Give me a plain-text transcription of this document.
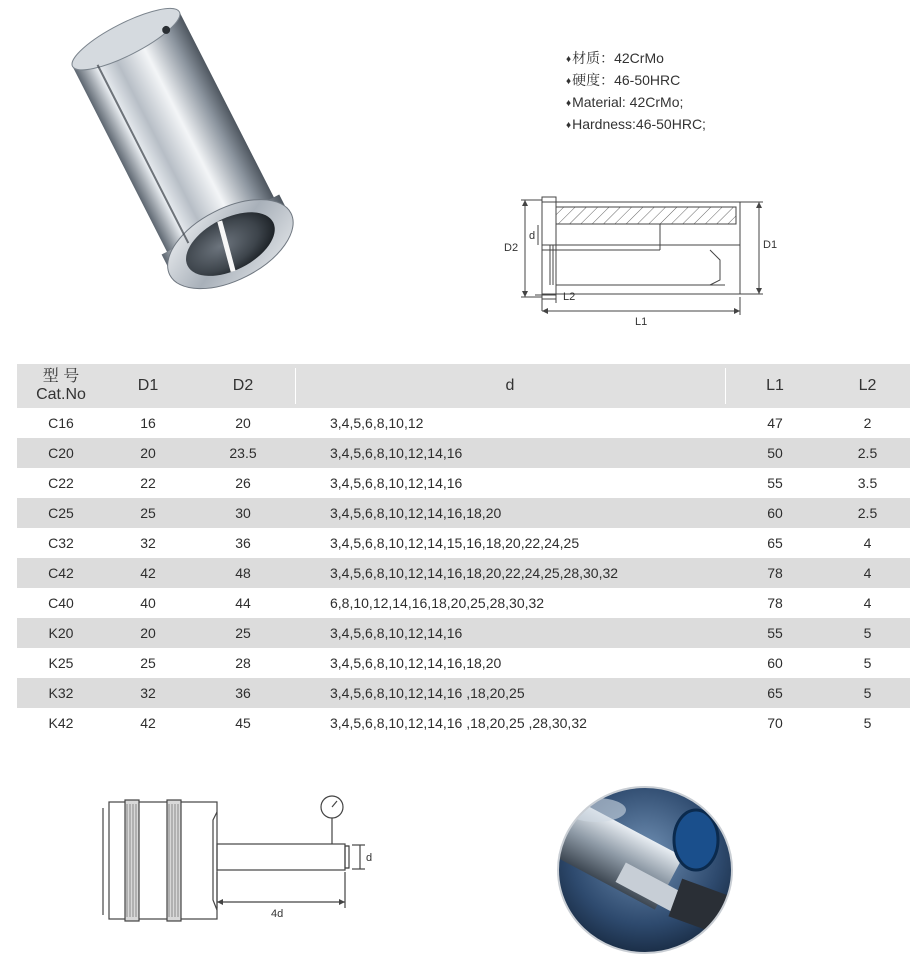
♦材质：42CrMo
♦硬度：46-50HRC
♦Material: 42CrMo;
♦Hardness:46-50HRC;
D2
d
D1
L2
L1
型 号
Cat.No
D1	D2	d	L1	L2
C16	16	20	3,4,5,6,8,10,12	47	2
C20	20	23.5	3,4,5,6,8,10,12,14,16	50	2.5
C22	22	26	3,4,5,6,8,10,12,14,16	55	3.5
C25	25	30	3,4,5,6,8,10,12,14,16,18,20	60	2.5
C32	32	36	3,4,5,6,8,10,12,14,15,16,18,20,22,24,25	65	4
C42	42	48	3,4,5,6,8,10,12,14,16,18,20,22,24,25,28,30,32	78	4
C40	40	44	6,8,10,12,14,16,18,20,25,28,30,32	78	4
K20	20	25	3,4,5,6,8,10,12,14,16	55	5
K25	25	28	3,4,5,6,8,10,12,14,16,18,20	60	5
K32	32	36	3,4,5,6,8,10,12,14,16 ,18,20,25	65	5
K42	42	45	3,4,5,6,8,10,12,14,16 ,18,20,25 ,28,30,32	70	5
d
4d
